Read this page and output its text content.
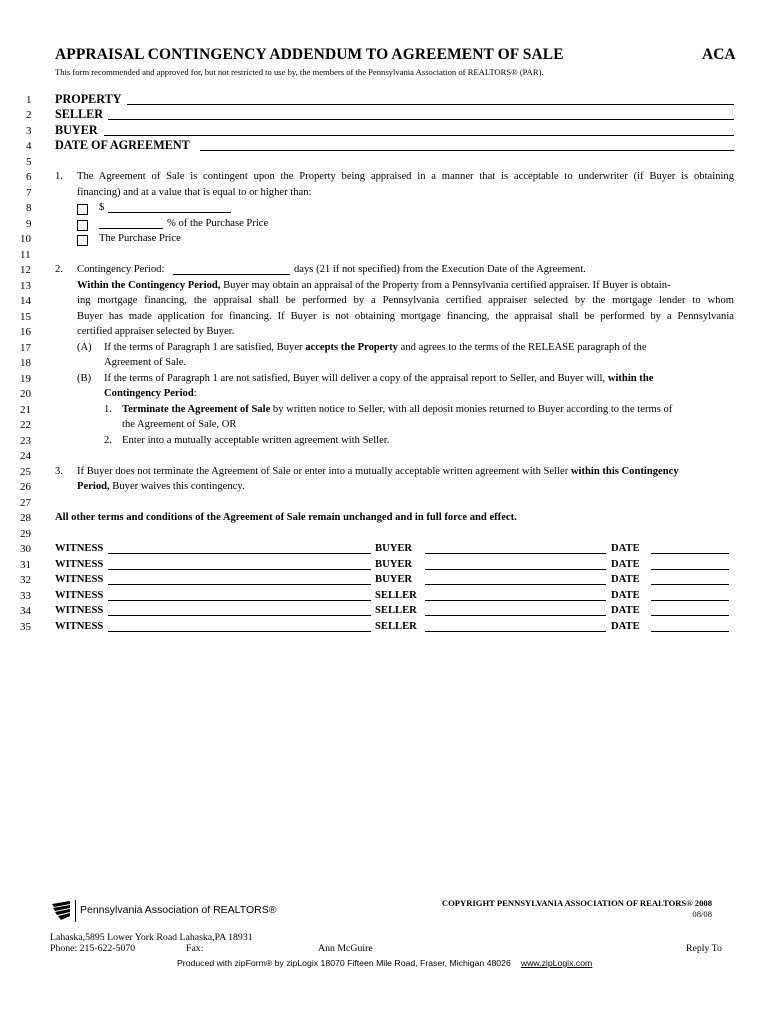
APPRAISAL CONTINGENCY ADDENDUM TO AGREEMENT OF SALE	ACA
This form recommended and approved for, but not restricted to use by, the members of the Pennsylvania Association of REALTORS® (PAR).
1	PROPERTY
2	SELLER
3	BUYER
4	DATE OF AGREEMENT
5
6	1. The Agreement of Sale is contingent upon the Property being appraised in a manner that is acceptable to underwriter (if Buyer is obtaining
7	financing) and at a value that is equal to or higher than:
8	$
9	% of the Purchase Price
10	The Purchase Price
11
12	2. Contingency Period:	days (21 if not specified) from the Execution Date of the Agreement.
13	Within the Contingency Period, Buyer may obtain an appraisal of the Property from a Pennsylvania certified appraiser. If Buyer is obtain-
14	ing mortgage financing, the appraisal shall be performed by a Pennsylvania certified appraiser selected by the mortgage lender to whom
15	Buyer has made application for financing. If Buyer is not obtaining mortgage financing, the appraisal shall be performed by a Pennsylvania
16	certified appraiser selected by Buyer.
17	(A) If the terms of Paragraph 1 are satisfied, Buyer accepts the Property and agrees to the terms of the RELEASE paragraph of the
18	Agreement of Sale.
19	(B) If the terms of Paragraph 1 are not satisfied, Buyer will deliver a copy of the appraisal report to Seller, and Buyer will, within the
20	Contingency Period:
21	1. Terminate the Agreement of Sale by written notice to Seller, with all deposit monies returned to Buyer according to the terms of
22	the Agreement of Sale, OR
23	2. Enter into a mutually acceptable written agreement with Seller.
24
25	3. If Buyer does not terminate the Agreement of Sale or enter into a mutually acceptable written agreement with Seller within this Contingency
26	Period, Buyer waives this contingency.
27
28	All other terms and conditions of the Agreement of Sale remain unchanged and in full force and effect.
29
30	WITNESS	BUYER	DATE
31	WITNESS	BUYER	DATE
32	WITNESS	BUYER	DATE
33	WITNESS	SELLER	DATE
34	WITNESS	SELLER	DATE
35	WITNESS	SELLER	DATE
COPYRIGHT PENNSYLVANIA ASSOCIATION OF REALTORS® 2008
08/08
Pennsylvania Association of REALTORS®
Lahaska,5895 Lower York Road Lahaska,PA 18931
Phone: 215-622-5070	Fax:	Ann McGuire	Reply To
Produced with zipForm® by zipLogix 18070 Fifteen Mile Road, Fraser, Michigan 48026 www.zipLogix.com
